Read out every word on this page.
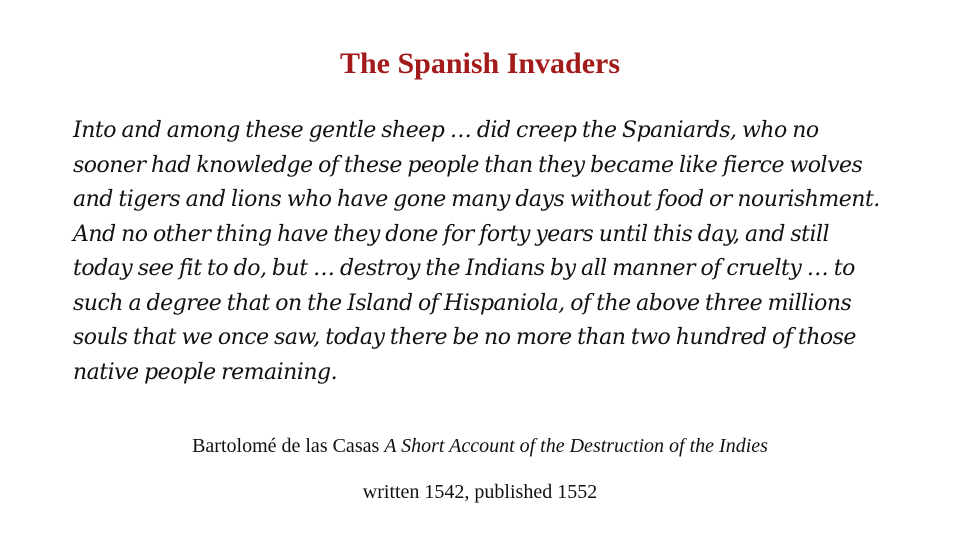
The Spanish Invaders

Into and among these gentle sheep … did creep the Spaniards, who no sooner had knowledge of these people than they became like fierce wolves and tigers and lions who have gone many days without food or nourishment. And no other thing have they done for forty years until this day, and still today see fit to do, but … destroy the Indians by all manner of cruelty … to such a degree that on the Island of Hispaniola, of the above three millions souls that we once saw, today there be no more than two hundred of those native people remaining.

Bartolomé de las Casas A Short Account of the Destruction of the Indies
written 1542, published 1552
